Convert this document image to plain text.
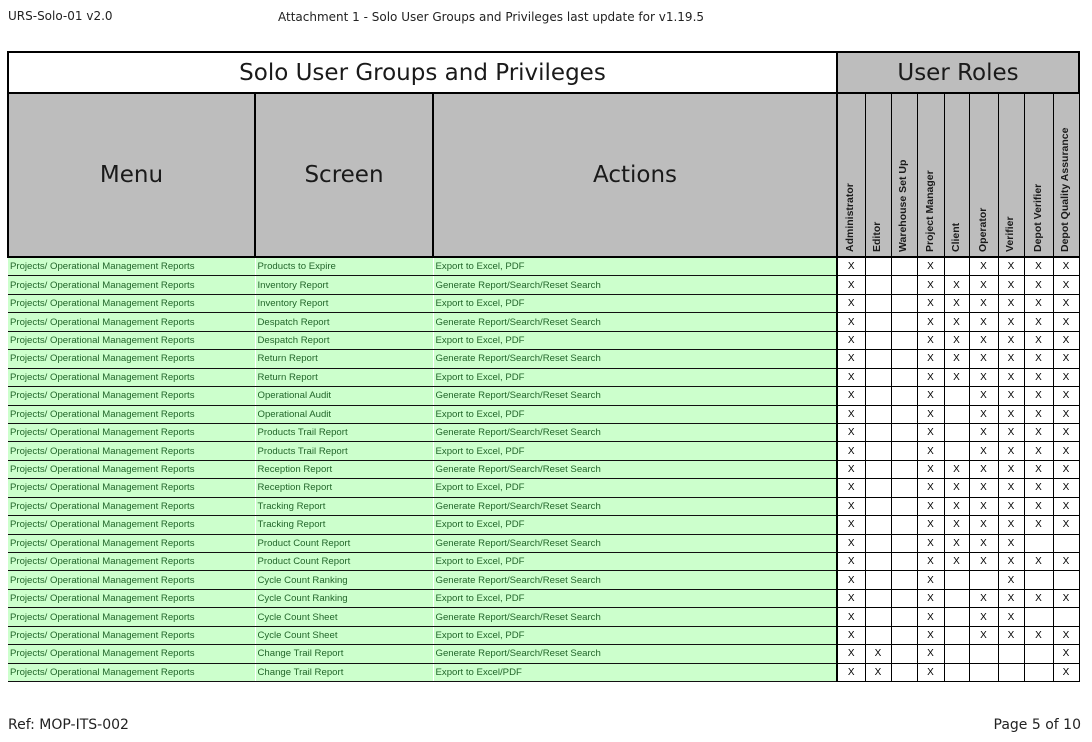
URS-Solo-01 v2.0	Attachment 1 - Solo User Groups and Privileges last update for v1.19.5
Solo User Groups and Privileges			User Roles								
Menu	Screen	Actions	Administrator	Editor	Warehouse Set Up	Project Manager	Client	Operator	Verifier	Depot Verifier	Depot Quality Assurance

Projects/ Operational Management Reports	Products to Expire	Export to Excel, PDF	X			X		X	X	X	X
Projects/ Operational Management Reports	Inventory Report	Generate Report/Search/Reset Search	X			X	X	X	X	X	X
Projects/ Operational Management Reports	Inventory Report	Export to Excel, PDF	X			X	X	X	X	X	X
Projects/ Operational Management Reports	Despatch Report	Generate Report/Search/Reset Search	X			X	X	X	X	X	X
Projects/ Operational Management Reports	Despatch Report	Export to Excel, PDF	X			X	X	X	X	X	X
Projects/ Operational Management Reports	Return Report	Generate Report/Search/Reset Search	X			X	X	X	X	X	X
Projects/ Operational Management Reports	Return Report	Export to Excel, PDF	X			X	X	X	X	X	X
Projects/ Operational Management Reports	Operational Audit	Generate Report/Search/Reset Search	X			X		X	X	X	X
Projects/ Operational Management Reports	Operational Audit	Export to Excel, PDF	X			X		X	X	X	X
Projects/ Operational Management Reports	Products Trail Report	Generate Report/Search/Reset Search	X			X		X	X	X	X
Projects/ Operational Management Reports	Products Trail Report	Export to Excel, PDF	X			X		X	X	X	X
Projects/ Operational Management Reports	Reception Report	Generate Report/Search/Reset Search	X			X	X	X	X	X	X
Projects/ Operational Management Reports	Reception Report	Export to Excel, PDF	X			X	X	X	X	X	X
Projects/ Operational Management Reports	Tracking Report	Generate Report/Search/Reset Search	X			X	X	X	X	X	X
Projects/ Operational Management Reports	Tracking Report	Export to Excel, PDF	X			X	X	X	X	X	X
Projects/ Operational Management Reports	Product Count Report	Generate Report/Search/Reset Search	X			X	X	X	X		
Projects/ Operational Management Reports	Product Count Report	Export to Excel, PDF	X			X	X	X	X	X	X
Projects/ Operational Management Reports	Cycle Count Ranking	Generate Report/Search/Reset Search	X			X			X		
Projects/ Operational Management Reports	Cycle Count Ranking	Export to Excel, PDF	X			X		X	X	X	X
Projects/ Operational Management Reports	Cycle Count Sheet	Generate Report/Search/Reset Search	X			X		X	X		
Projects/ Operational Management Reports	Cycle Count Sheet	Export to Excel, PDF	X			X		X	X	X	X
Projects/ Operational Management Reports	Change Trail Report	Generate Report/Search/Reset Search	X	X		X					X
Projects/ Operational Management Reports	Change Trail Report	Export to Excel/PDF	X	X		X					X
Ref: MOP-ITS-002	Page 5 of 10
